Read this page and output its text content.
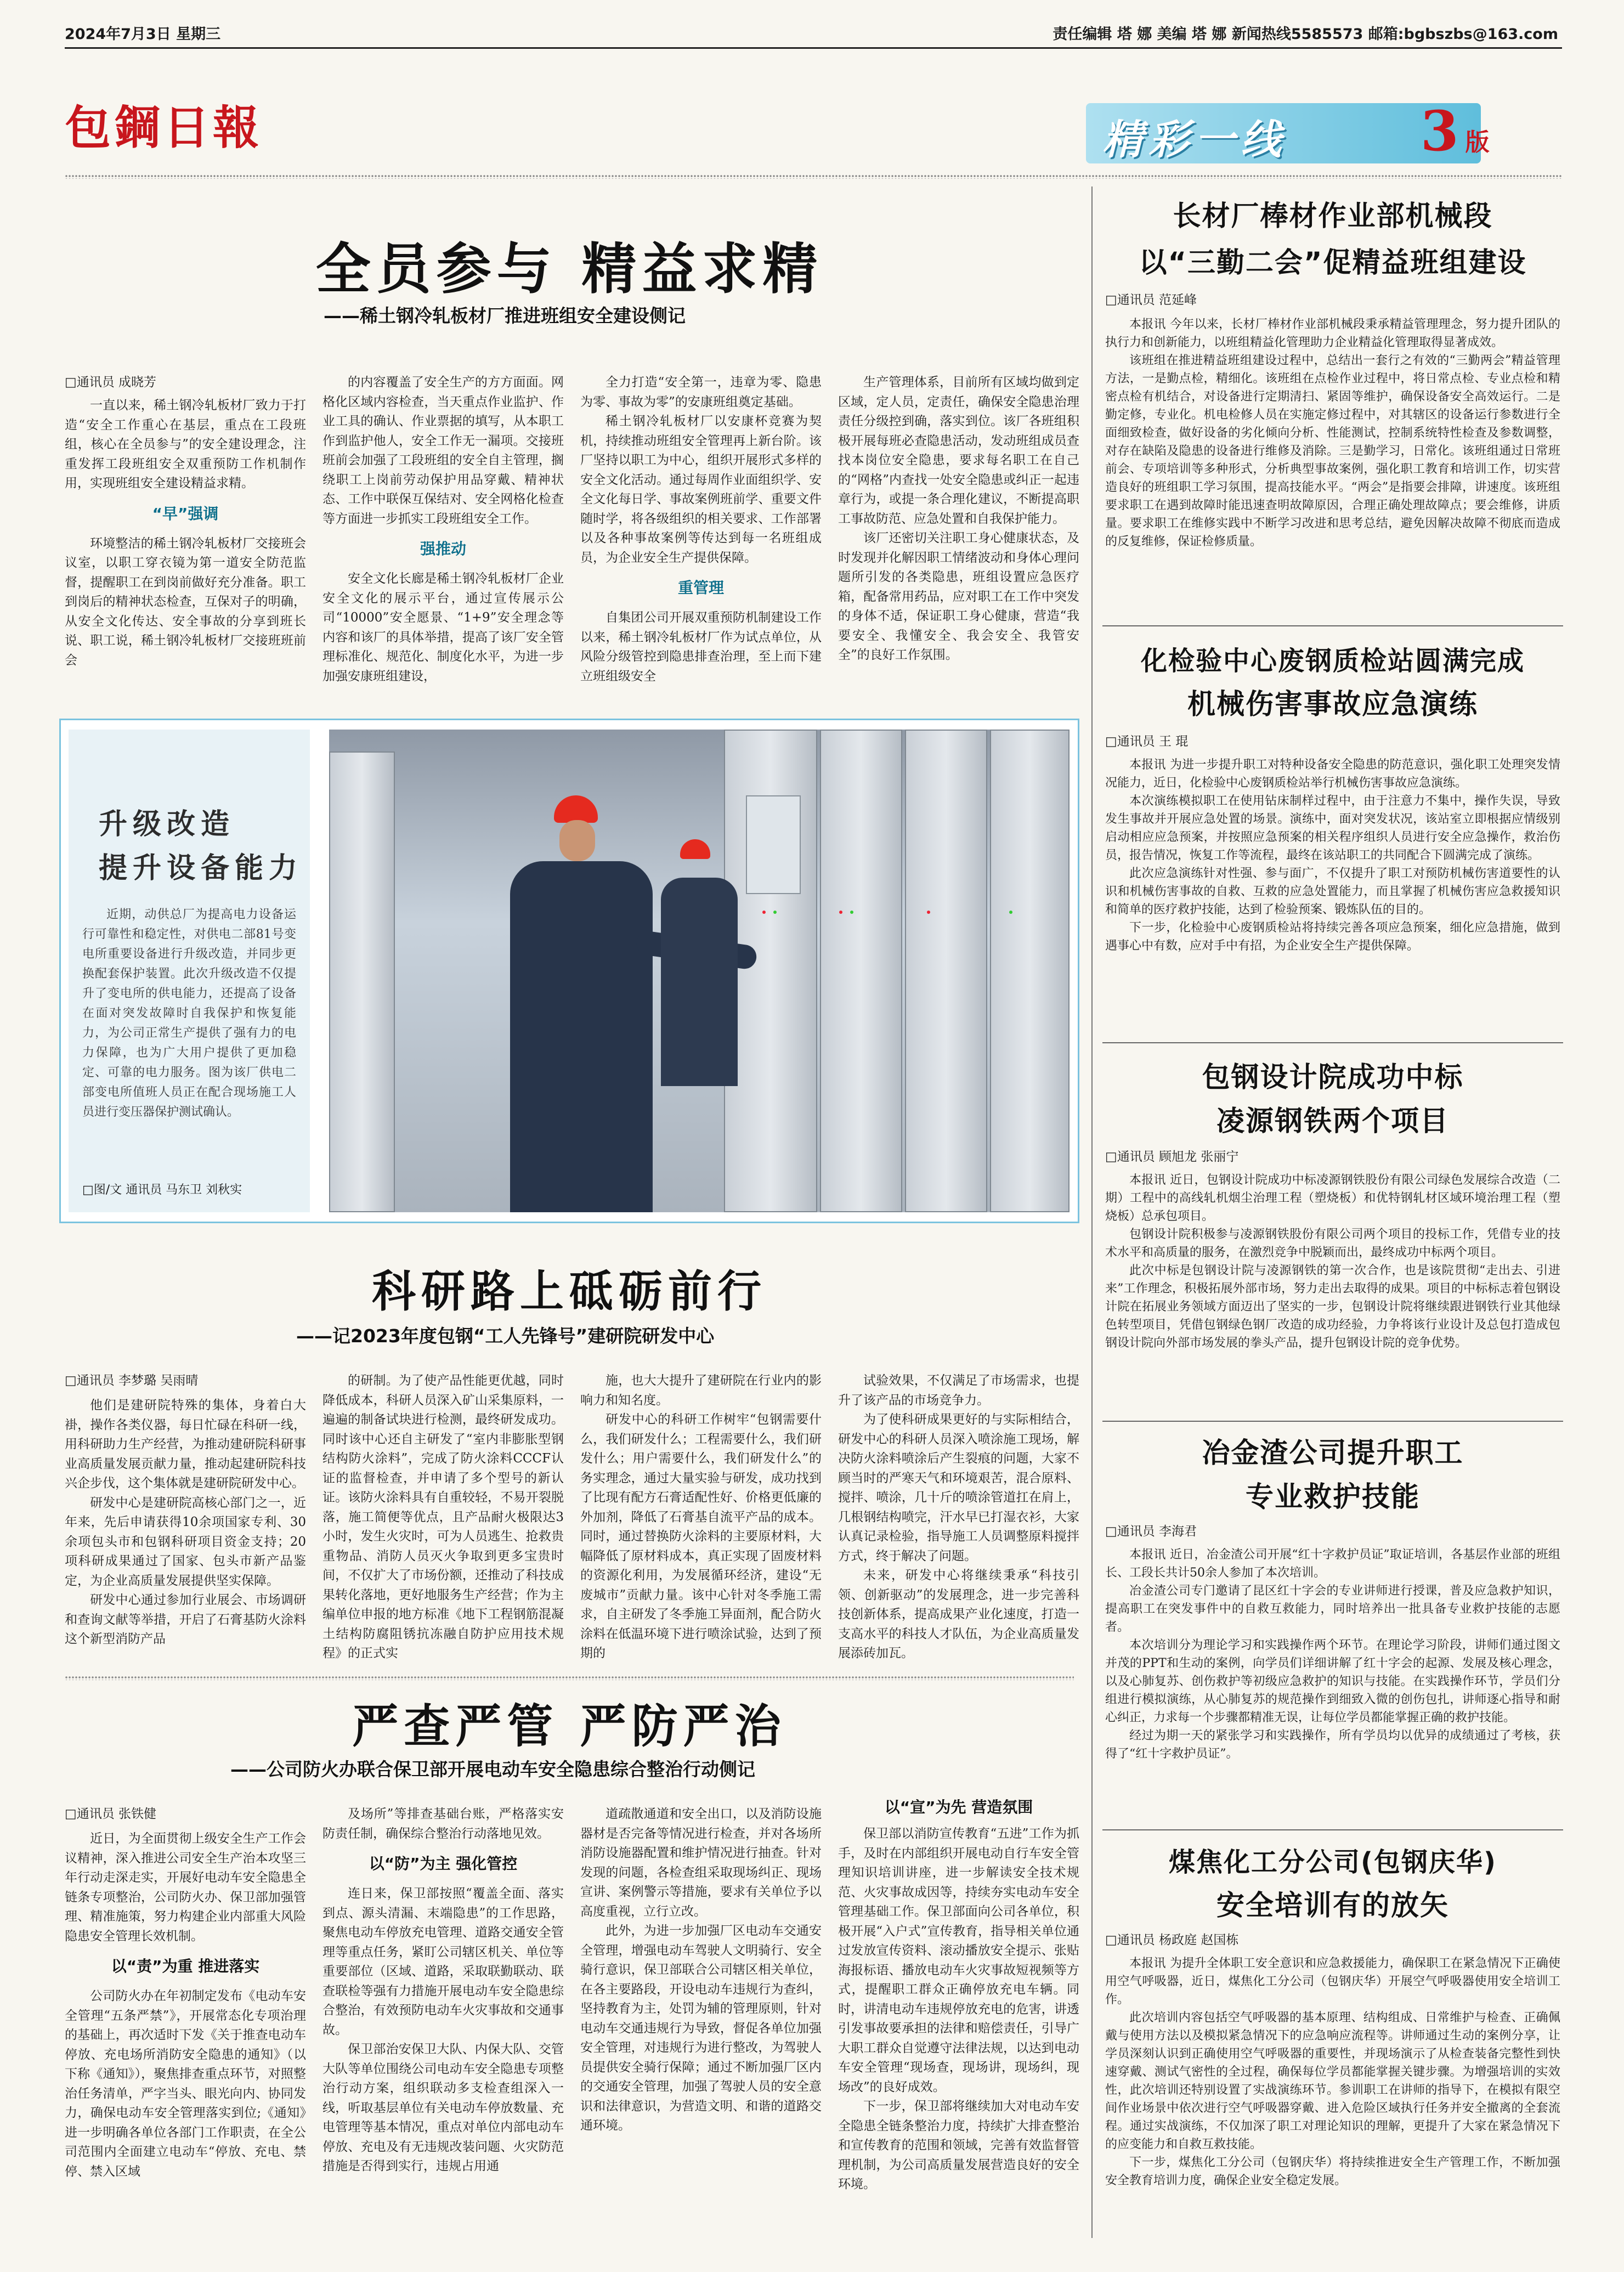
2024年7月3日 星期三	责任编辑 塔 娜 美编 塔 娜 新闻热线5585573 邮箱:bgbszbs@163.com
包鋼日報	精彩一线 3 版
全员参与 精益求精
——稀土钢冷轧板材厂推进班组安全建设侧记
□通讯员 成晓芳

一直以来，稀土钢冷轧板材厂致力于打造“安全工作重心在基层，重点在工段班组，核心在全员参与”的安全建设理念，注重发挥工段班组安全双重预防工作机制作用，实现班组安全建设精益求精。

“早”强调

环境整洁的稀土钢冷轧板材厂交接班会议室，以职工穿衣镜为第一道安全防范监督，提醒职工在到岗前做好充分准备。职工到岗后的精神状态检查，互保对子的明确，从安全文化传达、安全事故的分享到班长说、职工说，稀土钢冷轧板材厂交接班班前会

的内容覆盖了安全生产的方方面面。网格化区域内容检查，当天重点作业监护、作业工具的确认、作业票据的填写，从本职工作到监护他人，安全工作无一漏项。交接班班前会加强了工段班组的安全自主管理，搁绕职工上岗前劳动保护用品穿戴、精神状态、工作中联保互保结对、安全网格化检查等方面进一步抓实工段班组安全工作。

强推动

安全文化长廊是稀土钢冷轧板材厂企业安全文化的展示平台，通过宣传展示公司“10000”安全愿景、“1+9”安全理念等内容和该厂的具体举措，提高了该厂安全管理标准化、规范化、制度化水平，为进一步加强安康班组建设，

全力打造“安全第一，违章为零、隐患为零、事故为零”的安康班组奠定基础。

稀土钢冷轧板材厂以安康杯竞赛为契机，持续推动班组安全管理再上新台阶。该厂坚持以职工为中心，组织开展形式多样的安全文化活动。通过每周作业面组织学、安全文化每日学、事故案例班前学、重要文件随时学，将各级组织的相关要求、工作部署以及各种事故案例等传达到每一名班组成员，为企业安全生产提供保障。

重管理

自集团公司开展双重预防机制建设工作以来，稀土钢冷轧板材厂作为试点单位，从风险分级管控到隐患排查治理，至上而下建立班组级安全

生产管理体系，目前所有区域均做到定区域，定人员，定责任，确保安全隐患治理责任分级控到确，落实到位。该厂各班组积极开展每班必查隐患活动，发动班组成员查找本岗位安全隐患，要求每名职工在自己的“网格”内查找一处安全隐患或纠正一起违章行为，或提一条合理化建议，不断提高职工事故防范、应急处置和自我保护能力。

该厂还密切关注职工身心健康状态，及时发现并化解因职工情绪波动和身体心理问题所引发的各类隐患，班组设置应急医疗箱，配备常用药品，应对职工在工作中突发的身体不适，保证职工身心健康，营造“我要安全、我懂安全、我会安全、我管安全”的良好工作氛围。

升级改造
提升设备能力
近期，动供总厂为提高电力设备运行可靠性和稳定性，对供电二部81号变电所重要设备进行升级改造，并同步更换配套保护装置。此次升级改造不仅提升了变电所的供电能力，还提高了设备在面对突发故障时自我保护和恢复能力，为公司正常生产提供了强有力的电力保障，也为广大用户提供了更加稳定、可靠的电力服务。图为该厂供电二部变电所值班人员正在配合现场施工人员进行变压器保护测试确认。
□图/文 通讯员 马东卫 刘秋实
科研路上砥砺前行
——记2023年度包钢“工人先锋号”建研院研发中心
□通讯员 李梦璐 吴雨晴

他们是建研院特殊的集体，身着白大褂，操作各类仪器，每日忙碌在科研一线，用科研助力生产经营，为推动建研院科研事业高质量发展贡献力量，推动起建研院科技兴企步伐，这个集体就是建研院研发中心。

研发中心是建研院高核心部门之一，近年来，先后申请获得10余项国家专利、30余项包头市和包钢科研项目资金支持；20项科研成果通过了国家、包头市新产品鉴定，为企业高质量发展提供坚实保障。

研发中心通过参加行业展会、市场调研和查询文献等举措，开启了石膏基防火涂料这个新型消防产品

的研制。为了使产品性能更优越，同时降低成本，科研人员深入矿山采集原料，一遍遍的制备试块进行检测，最终研发成功。同时该中心还自主研发了“室内非膨胀型钢结构防火涂料”，完成了防火涂料CCCF认证的监督检查，并申请了多个型号的新认证。该防火涂料具有自重较轻，不易开裂脱落，施工简便等优点，且产品耐火极限达3小时，发生火灾时，可为人员逃生、抢救贵重物品、消防人员灭火争取到更多宝贵时间，不仅扩大了市场份额，还推动了科技成果转化落地，更好地服务生产经营；作为主编单位申报的地方标准《地下工程钢筋混凝土结构防腐阻锈抗冻融自防护应用技术规程》的正式实

施，也大大提升了建研院在行业内的影响力和知名度。

研发中心的科研工作树牢“包钢需要什么，我们研发什么；工程需要什么，我们研发什么；用户需要什么，我们研发什么”的务实理念，通过大量实验与研发，成功找到了比现有配方石膏适配性好、价格更低廉的外加剂，降低了石膏基自流平产品的成本。同时，通过替换防火涂料的主要原材料，大幅降低了原材料成本，真正实现了固废材料的资源化利用，为发展循环经济，建设“无废城市”贡献力量。该中心针对冬季施工需求，自主研发了冬季施工异面剂，配合防火涂料在低温环境下进行喷涂试验，达到了预期的

试验效果，不仅满足了市场需求，也提升了该产品的市场竞争力。

为了使科研成果更好的与实际相结合，研发中心的科研人员深入喷涂施工现场，解决防火涂料喷涂后产生裂痕的问题，大家不顾当时的严寒天气和环境艰苦，混合原料、搅拌、喷涂，几十斤的喷涂管道扛在肩上，几根钢结构喷完，汗水早已打湿衣衫，大家认真记录检验，指导施工人员调整原料搅拌方式，终于解决了问题。

未来，研发中心将继续秉承“科技引领、创新驱动”的发展理念，进一步完善科技创新体系，提高成果产业化速度，打造一支高水平的科技人才队伍，为企业高质量发展添砖加瓦。

严查严管 严防严治
——公司防火办联合保卫部开展电动车安全隐患综合整治行动侧记
□通讯员 张铁健

近日，为全面贯彻上级安全生产工作会议精神，深入推进公司安全生产治本攻坚三年行动走深走实，开展好电动车安全隐患全链条专项整治，公司防火办、保卫部加强管理、精准施策，努力构建企业内部重大风险隐患安全管理长效机制。

以“责”为重 推进落实

公司防火办在年初制定发布《电动车安全管理“五条严禁”》，开展常态化专项治理的基础上，再次适时下发《关于推查电动车停放、充电场所消防安全隐患的通知》（以下称《通知》），聚焦排查重点环节，对照整治任务清单，严字当头、眼光向内、协同发力，确保电动车安全管理落实到位;《通知》进一步明确各单位各部门工作职责，在全公司范围内全面建立电动车“停放、充电、禁停、禁入区域

及场所”等排查基础台账，严格落实安防责任制，确保综合整治行动落地见效。

以“防”为主 强化管控

连日来，保卫部按照“覆盖全面、落实到点、源头清漏、末端隐患”的工作思路，聚焦电动车停放充电管理、道路交通安全管理等重点任务，紧盯公司辖区机关、单位等重要部位（区域、道路，采取联勤联动、联查联检等强有力措施开展电动车安全隐患综合整治，有效预防电动车火灾事故和交通事故。

保卫部治安保卫大队、内保大队、交管大队等单位围绕公司电动车安全隐患专项整治行动方案，组织联动多支检查组深入一线，听取基层单位有关电动车停放数量、充电管理等基本情况，重点对单位内部电动车停放、充电及有无违规改装问题、火灾防范措施是否得到实行，违规占用通

道疏散通道和安全出口，以及消防设施器材是否完备等情况进行检查，并对各场所消防设施器配置和维护情况进行抽查。针对发现的问题，各检查组采取现场纠正、现场宣讲、案例警示等措施，要求有关单位予以高度重视，立行立改。

此外，为进一步加强厂区电动车交通安全管理，增强电动车驾驶人文明骑行、安全骑行意识，保卫部联合公司辖区相关单位，在各主要路段，开设电动车违规行为查纠，坚持教育为主，处罚为辅的管理原则，针对电动车交通违规行为导致，督促各单位加强安全管理，对违规行为进行整改，为驾驶人员提供安全骑行保障；通过不断加强厂区内的交通安全管理，加强了驾驶人员的安全意识和法律意识，为营造文明、和谐的道路交通环境。

以“宣”为先 营造氛围

保卫部以消防宣传教育“五进”工作为抓手，及时在内部组织开展电动自行车安全管理知识培训讲座，进一步解读安全技术规范、火灾事故成因等，持续夯实电动车安全管理基础工作。保卫部面向公司各单位，积极开展“入户式”宣传教育，指导相关单位通过发放宣传资料、滚动播放安全提示、张贴海报标语、播放电动车火灾事故短视频等方式，提醒职工群众正确停放充电车辆。同时，讲清电动车违规停放充电的危害，讲透引发事故要承担的法律和赔偿责任，引导广大职工群众自觉遵守法律法规，以达到电动车安全管理“现场查，现场讲，现场纠，现场改”的良好成效。

下一步，保卫部将继续加大对电动车安全隐患全链条整治力度，持续扩大排查整治和宣传教育的范围和领域，完善有效监督管理机制，为公司高质量发展营造良好的安全环境。

长材厂棒材作业部机械段
以“三勤二会”促精益班组建设
□通讯员 范延峰

本报讯 今年以来，长材厂棒材作业部机械段秉承精益管理理念，努力提升团队的执行力和创新能力，以班组精益化管理助力企业精益化管理取得显著成效。

该班组在推进精益班组建设过程中，总结出一套行之有效的“三勤两会”精益管理方法，一是勤点检，精细化。该班组在点检作业过程中，将日常点检、专业点检和精密点检有机结合，对设备进行定期清扫、紧固等维护，确保设备安全高效运行。二是勤定修，专业化。机电检修人员在实施定修过程中，对其辖区的设备运行参数进行全面细致检查，做好设备的劣化倾向分析、性能测试，控制系统特性检查及参数调整，对存在缺陷及隐患的设备进行维修及消除。三是勤学习，日常化。该班组通过日常班前会、专项培训等多种形式，分析典型事故案例，强化职工教育和培训工作，切实营造良好的班组职工学习氛围，提高技能水平。“两会”是指要会排障，讲速度。该班组要求职工在遇到故障时能迅速查明故障原因，合理正确处理故障点；要会维修，讲质量。要求职工在维修实践中不断学习改进和思考总结，避免因解决故障不彻底而造成的反复维修，保证检修质量。

化检验中心废钢质检站圆满完成
机械伤害事故应急演练
□通讯员 王 琨

本报讯 为进一步提升职工对特种设备安全隐患的防范意识，强化职工处理突发情况能力，近日，化检验中心废钢质检站举行机械伤害事故应急演练。

本次演练模拟职工在使用钻床制样过程中，由于注意力不集中，操作失误，导致发生事故并开展应急处置的场景。演练中，面对突发状况，该站室立即根据应情级别启动相应应急预案，并按照应急预案的相关程序组织人员进行安全应急操作，救治伤员，报告情况，恢复工作等流程，最终在该站职工的共同配合下圆满完成了演练。

此次应急演练针对性强、参与面广，不仅提升了职工对预防机械伤害道要性的认识和机械伤害事故的自救、互救的应急处置能力，而且掌握了机械伤害应急救援知识和简单的医疗救护技能，达到了检验预案、锻炼队伍的目的。

下一步，化检验中心废钢质检站将持续完善各项应急预案，细化应急措施，做到遇事心中有数，应对手中有招，为企业安全生产提供保障。

包钢设计院成功中标
凌源钢铁两个项目
□通讯员 顾旭龙 张丽宁

本报讯 近日，包钢设计院成功中标凌源钢铁股份有限公司绿色发展综合改造（二期）工程中的高线轧机烟尘治理工程（塑烧板）和优特钢轧材区域环境治理工程（塑烧板）总承包项目。

包钢设计院积极参与凌源钢铁股份有限公司两个项目的投标工作，凭借专业的技术水平和高质量的服务，在激烈竞争中脱颖而出，最终成功中标两个项目。

此次中标是包钢设计院与凌源钢铁的第一次合作，也是该院贯彻“走出去、引进来”工作理念，积极拓展外部市场，努力走出去取得的成果。项目的中标标志着包钢设计院在拓展业务领域方面迈出了坚实的一步，包钢设计院将继续跟进钢铁行业其他绿色转型项目，凭借包钢绿色钢厂改造的成功经验，力争将该行业设计及总包打造成包钢设计院向外部市场发展的拳头产品，提升包钢设计院的竞争优势。

冶金渣公司提升职工
专业救护技能
□通讯员 李海君

本报讯 近日，冶金渣公司开展“红十字救护员证”取证培训，各基层作业部的班组长、工段长共计50余人参加了本次培训。

冶金渣公司专门邀请了昆区红十字会的专业讲师进行授课，普及应急救护知识，提高职工在突发事件中的自救互救能力，同时培养出一批具备专业救护技能的志愿者。

本次培训分为理论学习和实践操作两个环节。在理论学习阶段，讲师们通过图文并茂的PPT和生动的案例，向学员们详细讲解了红十字会的起源、发展及核心理念，以及心肺复苏、创伤救护等初级应急救护的知识与技能。在实践操作环节，学员们分组进行模拟演练，从心肺复苏的规范操作到细致入微的创伤包扎，讲师逐心指导和耐心纠正，力求每一个步骤都精准无误，让每位学员都能掌握正确的救护技能。

经过为期一天的紧张学习和实践操作，所有学员均以优异的成绩通过了考核，获得了“红十字救护员证”。

煤焦化工分公司(包钢庆华)
安全培训有的放矢
□通讯员 杨政庭 赵国栋

本报讯 为提升全体职工安全意识和应急救援能力，确保职工在紧急情况下正确使用空气呼吸器，近日，煤焦化工分公司（包钢庆华）开展空气呼吸器使用安全培训工作。

此次培训内容包括空气呼吸器的基本原理、结构组成、日常维护与检查、正确佩戴与使用方法以及模拟紧急情况下的应急响应流程等。讲师通过生动的案例分享，让学员深刻认识到正确使用空气呼吸器的重要性，并现场演示了从检查装备完整性到快速穿戴、测试气密性的全过程，确保每位学员都能掌握关键步骤。为增强培训的实效性，此次培训还特别设置了实战演练环节。参训职工在讲师的指导下，在模拟有限空间作业场景中依次进行空气呼吸器穿戴、进入危险区域执行任务并安全撤离的全套流程。通过实战演练，不仅加深了职工对理论知识的理解，更提升了大家在紧急情况下的应变能力和自救互救技能。

下一步，煤焦化工分公司（包钢庆华）将持续推进安全生产管理工作，不断加强安全教育培训力度，确保企业安全稳定发展。
